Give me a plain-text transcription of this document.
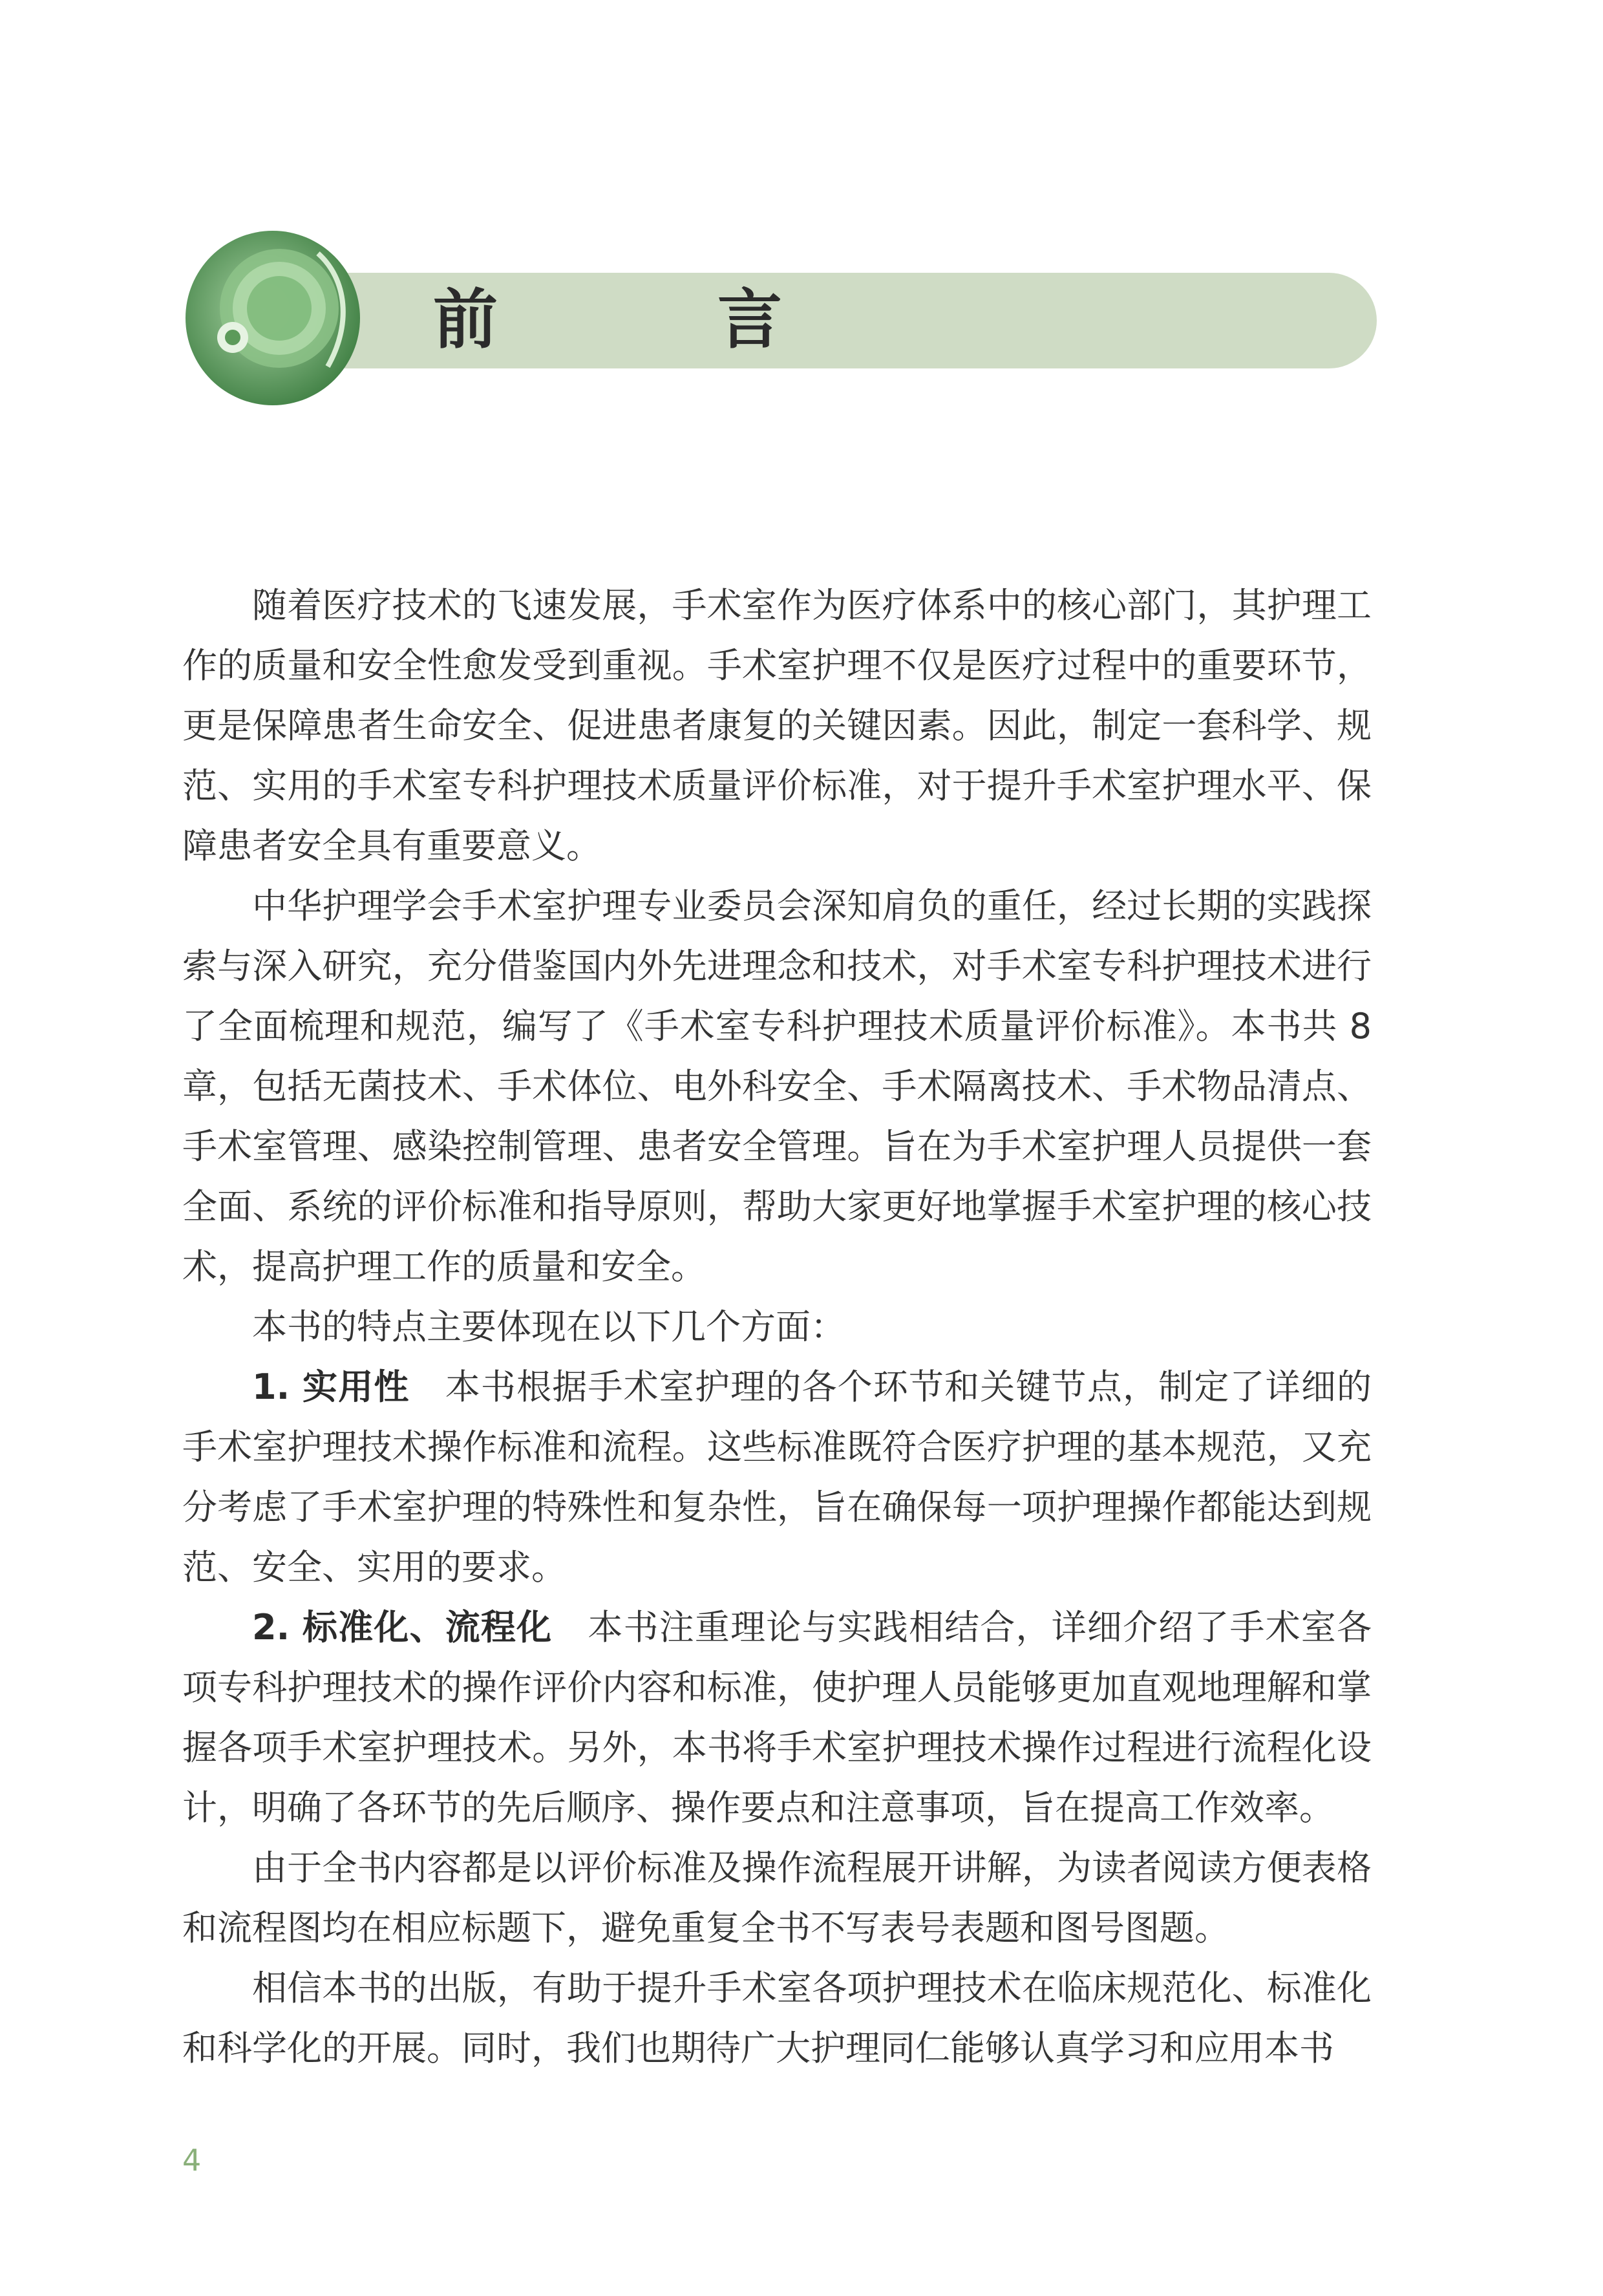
前　言

随着医疗技术的飞速发展，手术室作为医疗体系中的核心部门，其护理工作的质量和安全性愈发受到重视。手术室护理不仅是医疗过程中的重要环节，更是保障患者生命安全、促进患者康复的关键因素。因此，制定一套科学、规范、实用的手术室专科护理技术质量评价标准，对于提升手术室护理水平、保障患者安全具有重要意义。

中华护理学会手术室护理专业委员会深知肩负的重任，经过长期的实践探索与深入研究，充分借鉴国内外先进理念和技术，对手术室专科护理技术进行了全面梳理和规范，编写了《手术室专科护理技术质量评价标准》。本书共 8 章，包括无菌技术、手术体位、电外科安全、手术隔离技术、手术物品清点、手术室管理、感染控制管理、患者安全管理。旨在为手术室护理人员提供一套全面、系统的评价标准和指导原则，帮助大家更好地掌握手术室护理的核心技术，提高护理工作的质量和安全。

本书的特点主要体现在以下几个方面：

1. 实用性　 本书根据手术室护理的各个环节和关键节点，制定了详细的手术室护理技术操作标准和流程。这些标准既符合医疗护理的基本规范，又充分考虑了手术室护理的特殊性和复杂性，旨在确保每一项护理操作都能达到规范、安全、实用的要求。

2. 标准化、流程化　 本书注重理论与实践相结合，详细介绍了手术室各项专科护理技术的操作评价内容和标准，使护理人员能够更加直观地理解和掌握各项手术室护理技术。另外，本书将手术室护理技术操作过程进行流程化设计，明确了各环节的先后顺序、操作要点和注意事项，旨在提高工作效率。

由于全书内容都是以评价标准及操作流程展开讲解，为读者阅读方便表格和流程图均在相应标题下，避免重复全书不写表号表题和图号图题。

相信本书的出版，有助于提升手术室各项护理技术在临床规范化、标准化和科学化的开展。同时，我们也期待广大护理同仁能够认真学习和应用本书

4
